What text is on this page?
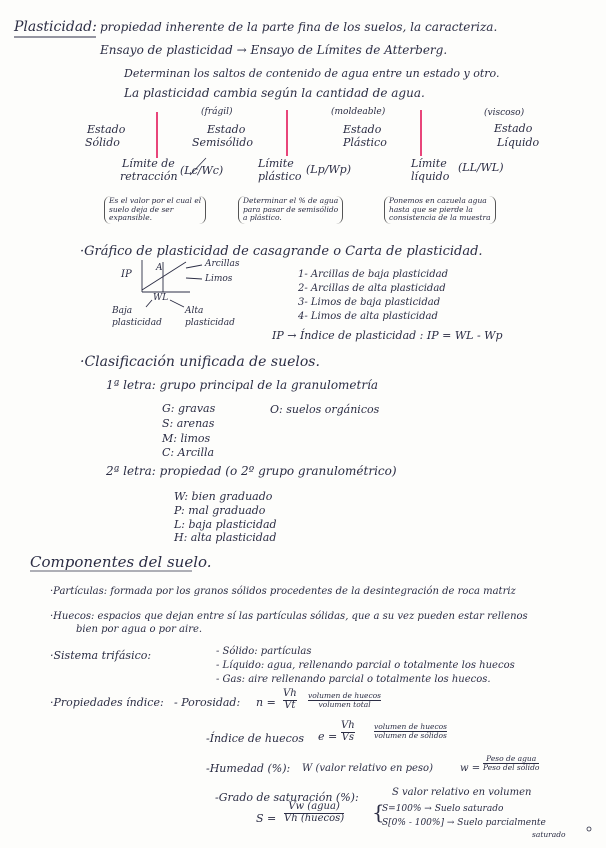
Plasticidad: propiedad inherente de la parte fina de los suelos, la caracteriza.
Ensayo de plasticidad → Ensayo de Límites de Atterberg.
Determinan los saltos de contenido de agua entre un estado y otro.
La plasticidad cambia según la cantidad de agua.
(frágil)	(moldeable)	(viscoso)
Estado
Sólido
Estado
Semisólido
Estado
Plástico
Estado
Líquido
Límite de
retracción (Lc/Wc)
Límite
plástico
(Lp/Wp)	Límite
líquido
(LL/WL)
Es el valor por el cual el
suelo deja de ser
expansible.
Determinar el % de agua
para pasar de semisólido
a plástico.
Ponemos en cazuela agua
hasta que se pierde la
consistencia de la muestra
·Gráfico de plasticidad de casagrande o Carta de plasticidad.
IP
A
WL
Arcillas
Limos
Baja plasticidad
Alta plasticidad
1- Arcillas de baja plasticidad
2- Arcillas de alta plasticidad
3- Limos de baja plasticidad
4- Limos de alta plasticidad
IP → Índice de plasticidad : IP = WL - Wp
·Clasificación unificada de suelos.
1ª letra: grupo principal de la granulometría
G: gravas
S: arenas
M: limos
C: Arcilla
O: suelos orgánicos
2ª letra: propiedad (o 2º grupo granulométrico)
W: bien graduado
P: mal graduado
L: baja plasticidad
H: alta plasticidad
Componentes del suelo.
·Partículas: formada por los granos sólidos procedentes de la desintegración de roca matriz
·Huecos: espacios que dejan entre sí las partículas sólidas, que a su vez pueden estar rellenos
bien por agua o por aire.
·Sistema trifásico:	- Sólido: partículas
- Líquido: agua, rellenando parcial o totalmente los huecos
- Gas: aire rellenando parcial o totalmente los huecos.
·Propiedades índice: - Porosidad: n =
Vh
Vt
volumen de huecos
volumen total
-Índice de huecos e =
Vh
Vs
volumen de huecos
volumen de sólidos
-Humedad (%): W (valor relativo en peso)	w =
Peso de agua
Peso del sólido
-Grado de saturación (%):	S valor relativo en volumen
S =
Vw (agua)
Vh (huecos) {
S=100% → Suelo saturado
S[0% - 100%] → Suelo parcialmente
saturado
